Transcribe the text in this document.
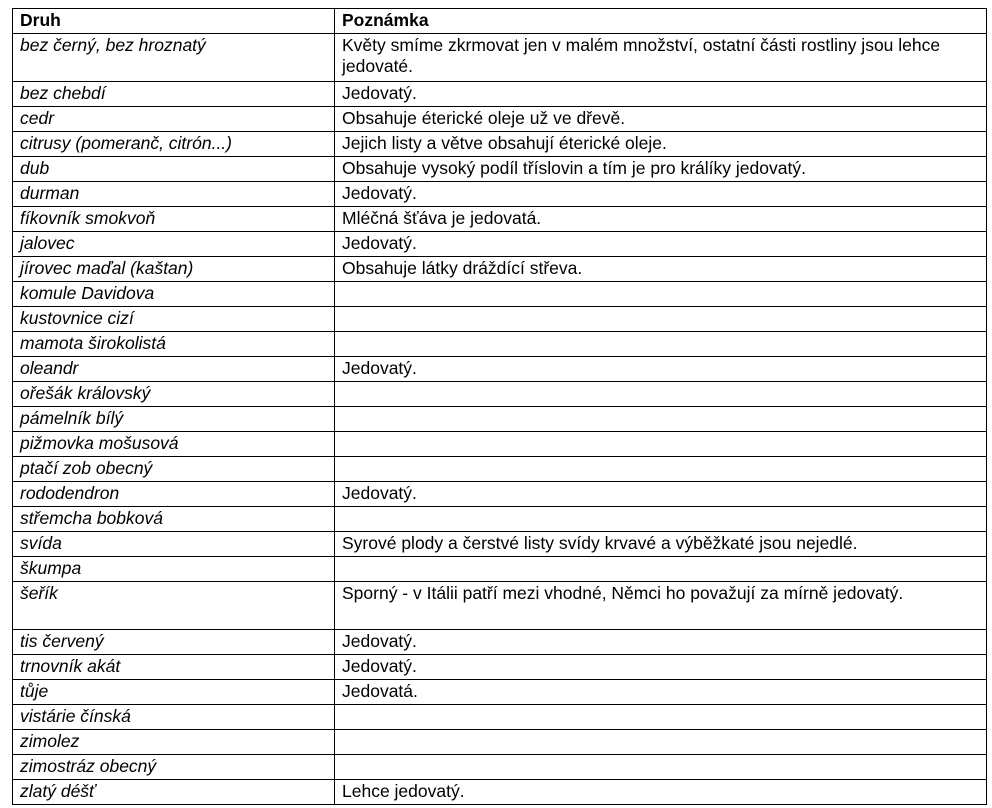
Druh	Poznámka
bez černý, bez hroznatý	Květy smíme zkrmovat jen v malém množství, ostatní části rostliny jsou lehce jedovaté.
bez chebdí	Jedovatý.
cedr	Obsahuje éterické oleje už ve dřevě.
citrusy (pomeranč, citrón...)	Jejich listy a větve obsahují éterické oleje.
dub	Obsahuje vysoký podíl tříslovin a tím je pro králíky jedovatý.
durman	Jedovatý.
fíkovník smokvoň	Mléčná šťáva je jedovatá.
jalovec	Jedovatý.
jírovec maďal (kaštan)	Obsahuje látky dráždící střeva.
komule Davidova	
kustovnice cizí	
mamota širokolistá	
oleandr	Jedovatý.
ořešák královský	
pámelník bílý	
pižmovka mošusová	
ptačí zob obecný	
rododendron	Jedovatý.
střemcha bobková	
svída	Syrové plody a čerstvé listy svídy krvavé a výběžkaté jsou nejedlé.
škumpa	
šeřík	Sporný - v Itálii patří mezi vhodné, Němci ho považují za mírně jedovatý.
tis červený	Jedovatý.
trnovník akát	Jedovatý.
tůje	Jedovatá.
vistárie čínská	
zimolez	
zimostráz obecný	
zlatý déšť	Lehce jedovatý.
